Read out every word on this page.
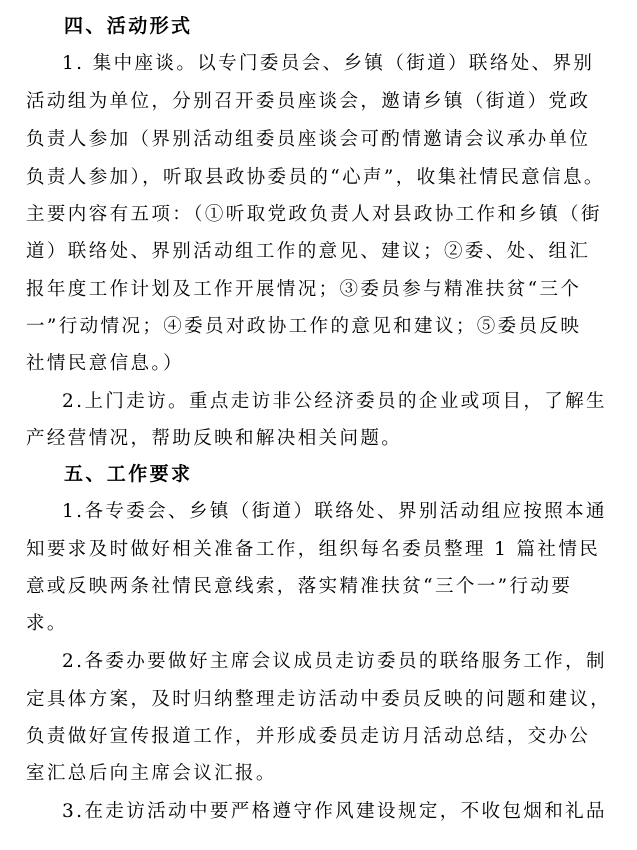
四、活动形式
1. 集中座谈。以专门委员会、乡镇（街道）联络处、界别
活动组为单位，分别召开委员座谈会，邀请乡镇（街道）党政
负责人参加（界别活动组委员座谈会可酌情邀请会议承办单位
负责人参加），听取县政协委员的“心声”，收集社情民意信息。
主要内容有五项：（①听取党政负责人对县政协工作和乡镇（街
道）联络处、界别活动组工作的意见、建议；②委、处、组汇
报年度工作计划及工作开展情况；③委员参与精准扶贫“三个
一”行动情况；④委员对政协工作的意见和建议；⑤委员反映
社情民意信息。）
2.上门走访。重点走访非公经济委员的企业或项目，了解生
产经营情况，帮助反映和解决相关问题。
五、工作要求
1.各专委会、乡镇（街道）联络处、界别活动组应按照本通
知要求及时做好相关准备工作，组织每名委员整理 1 篇社情民
意或反映两条社情民意线索，落实精准扶贫“三个一”行动要
求。
2.各委办要做好主席会议成员走访委员的联络服务工作，制
定具体方案，及时归纳整理走访活动中委员反映的问题和建议，
负责做好宣传报道工作，并形成委员走访月活动总结，交办公
室汇总后向主席会议汇报。
3.在走访活动中要严格遵守作风建设规定，不收包烟和礼品
